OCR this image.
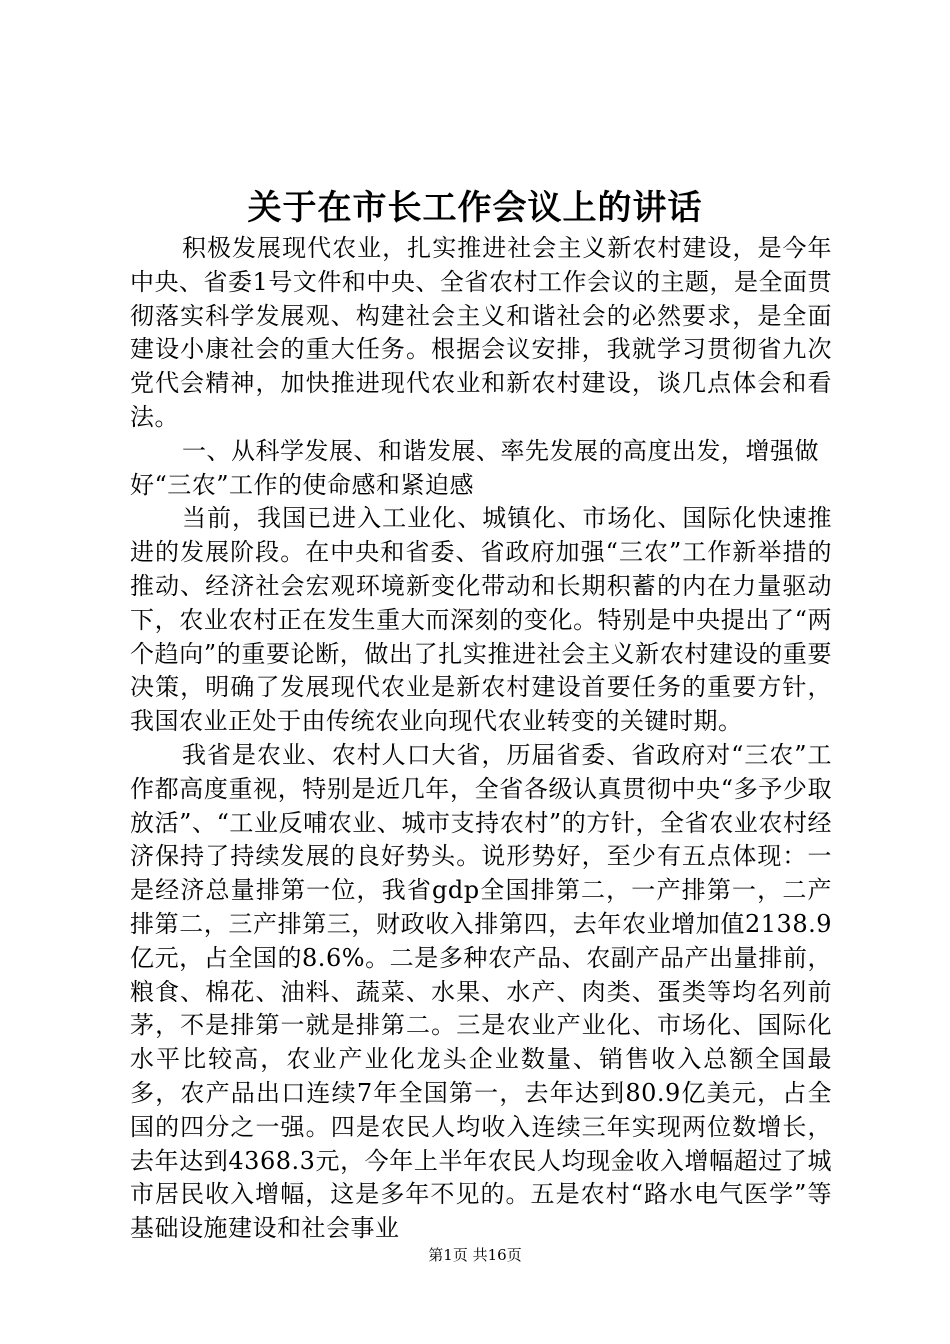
关于在市长工作会议上的讲话

积极发展现代农业，扎实推进社会主义新农村建设，是今年中央、省委1号文件和中央、全省农村工作会议的主题，是全面贯彻落实科学发展观、构建社会主义和谐社会的必然要求，是全面建设小康社会的重大任务。根据会议安排，我就学习贯彻省九次党代会精神，加快推进现代农业和新农村建设，谈几点体会和看法。

一、从科学发展、和谐发展、率先发展的高度出发，增强做好“三农”工作的使命感和紧迫感

当前，我国已进入工业化、城镇化、市场化、国际化快速推进的发展阶段。在中央和省委、省政府加强“三农”工作新举措的推动、经济社会宏观环境新变化带动和长期积蓄的内在力量驱动下，农业农村正在发生重大而深刻的变化。特别是中央提出了“两个趋向”的重要论断，做出了扎实推进社会主义新农村建设的重要决策，明确了发展现代农业是新农村建设首要任务的重要方针，我国农业正处于由传统农业向现代农业转变的关键时期。

我省是农业、农村人口大省，历届省委、省政府对“三农”工作都高度重视，特别是近几年，全省各级认真贯彻中央“多予少取放活”、“工业反哺农业、城市支持农村”的方针，全省农业农村经济保持了持续发展的良好势头。说形势好，至少有五点体现：一是经济总量排第一位，我省gdp全国排第二，一产排第一，二产排第二，三产排第三，财政收入排第四，去年农业增加值2138.9亿元，占全国的8.6%。二是多种农产品、农副产品产出量排前，粮食、棉花、油料、蔬菜、水果、水产、肉类、蛋类等均名列前茅，不是排第一就是排第二。三是农业产业化、市场化、国际化水平比较高，农业产业化龙头企业数量、销售收入总额全国最多，农产品出口连续7年全国第一，去年达到80.9亿美元，占全国的四分之一强。四是农民人均收入连续三年实现两位数增长，去年达到4368.3元，今年上半年农民人均现金收入增幅超过了城市居民收入增幅，这是多年不见的。五是农村“路水电气医学”等基础设施建设和社会事业

第1页 共16页
